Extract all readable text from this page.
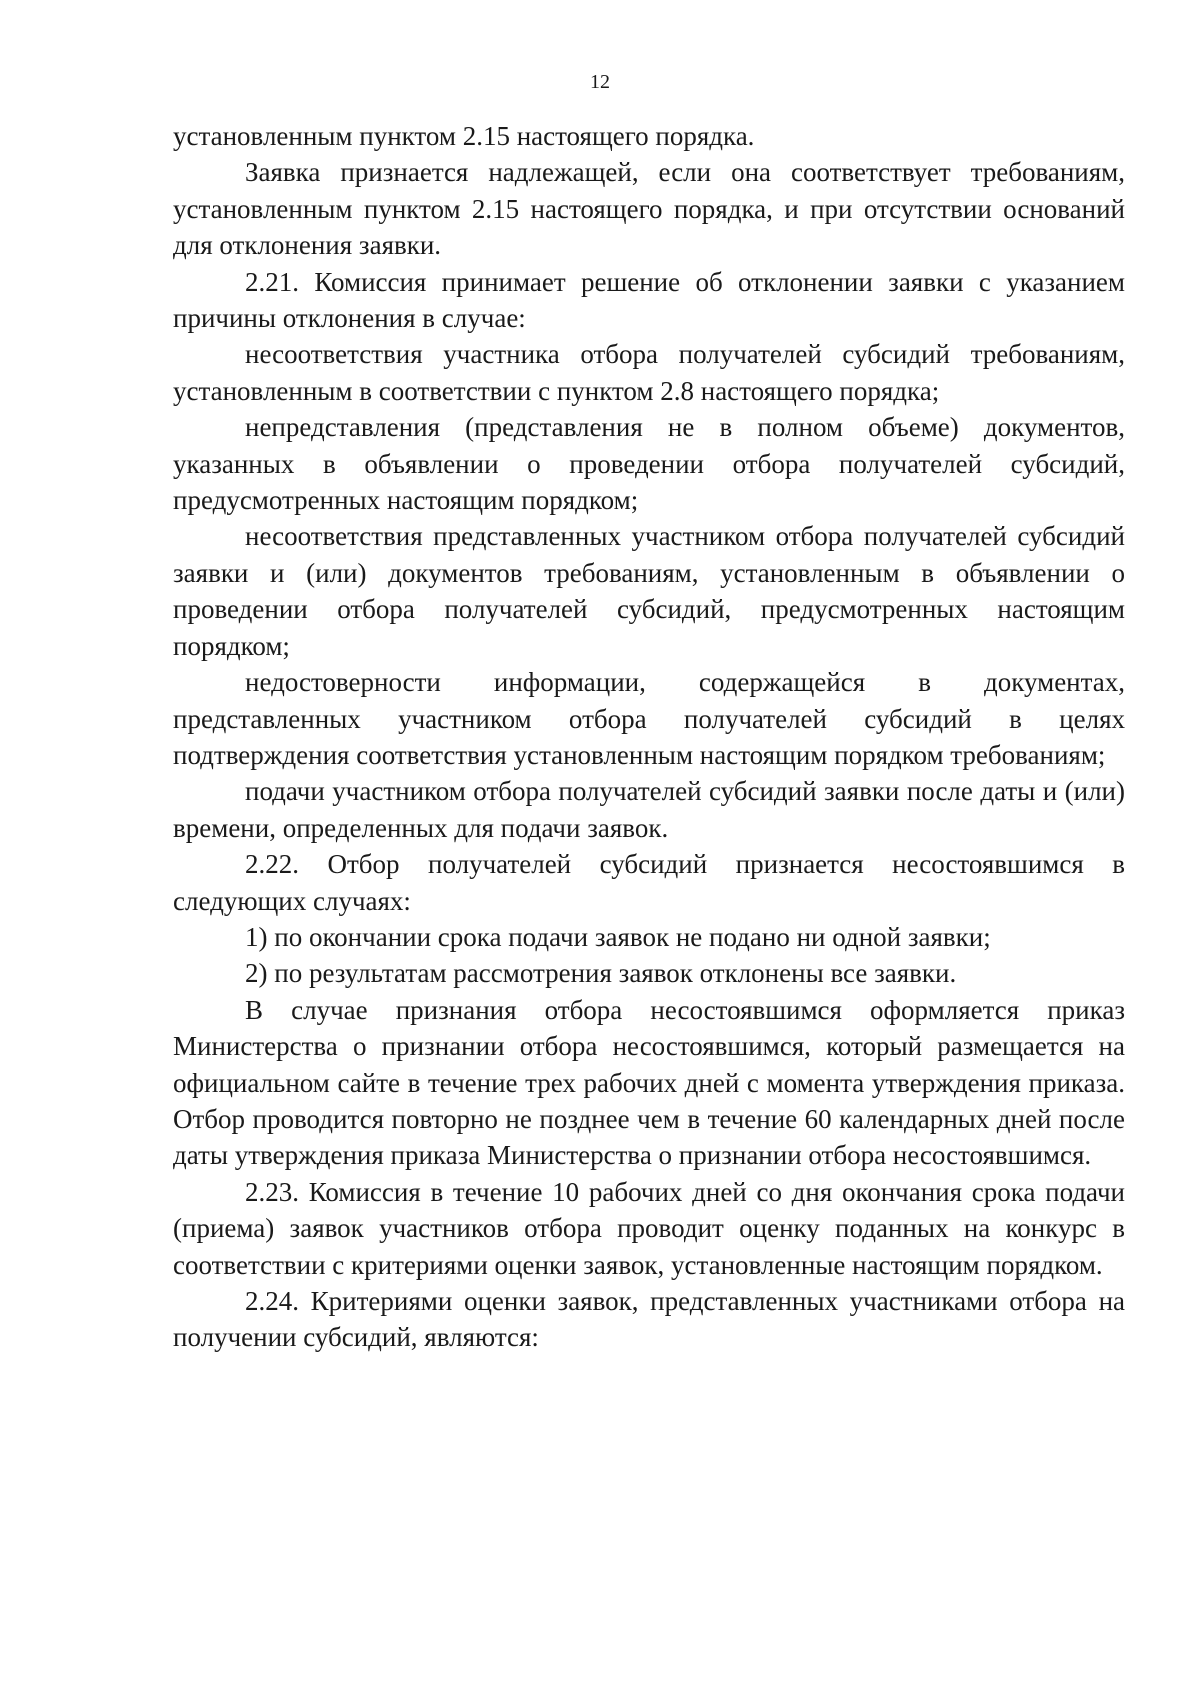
12

установленным пунктом 2.15 настоящего порядка.

Заявка признается надлежащей, если она соответствует требованиям, установленным пунктом 2.15 настоящего порядка, и при отсутствии оснований для отклонения заявки.

2.21. Комиссия принимает решение об отклонении заявки с указанием причины отклонения в случае:

несоответствия участника отбора получателей субсидий требованиям, установленным в соответствии с пунктом 2.8 настоящего порядка;

непредставления (представления не в полном объеме) документов, указанных в объявлении о проведении отбора получателей субсидий, предусмотренных настоящим порядком;

несоответствия представленных участником отбора получателей субсидий заявки и (или) документов требованиям, установленным в объявлении о проведении отбора получателей субсидий, предусмотренных настоящим порядком;

недостоверности информации, содержащейся в документах, представленных участником отбора получателей субсидий в целях подтверждения соответствия установленным настоящим порядком требованиям;

подачи участником отбора получателей субсидий заявки после даты и (или) времени, определенных для подачи заявок.

2.22. Отбор получателей субсидий признается несостоявшимся в следующих случаях:

1) по окончании срока подачи заявок не подано ни одной заявки;

2) по результатам рассмотрения заявок отклонены все заявки.

В случае признания отбора несостоявшимся оформляется приказ Министерства о признании отбора несостоявшимся, который размещается на официальном сайте в течение трех рабочих дней с момента утверждения приказа. Отбор проводится повторно не позднее чем в течение 60 календарных дней после даты утверждения приказа Министерства о признании отбора несостоявшимся.

2.23. Комиссия в течение 10 рабочих дней со дня окончания срока подачи (приема) заявок участников отбора проводит оценку поданных на конкурс в соответствии с критериями оценки заявок, установленные настоящим порядком.

2.24. Критериями оценки заявок, представленных участниками отбора на получении субсидий, являются:
